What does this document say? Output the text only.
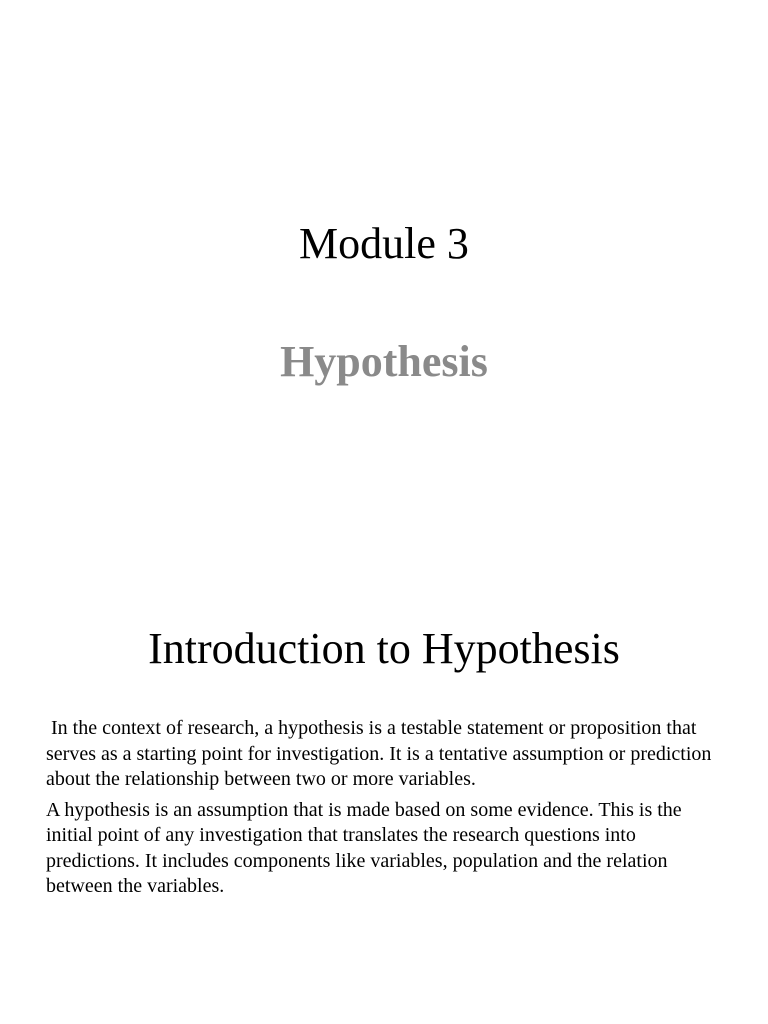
Module 3
Hypothesis
Introduction to Hypothesis

In the context of research, a hypothesis is a testable statement or proposition that serves as a starting point for investigation. It is a tentative assumption or prediction about the relationship between two or more variables.

A hypothesis is an assumption that is made based on some evidence. This is the initial point of any investigation that translates the research questions into predictions. It includes components like variables, population and the relation between the variables.
